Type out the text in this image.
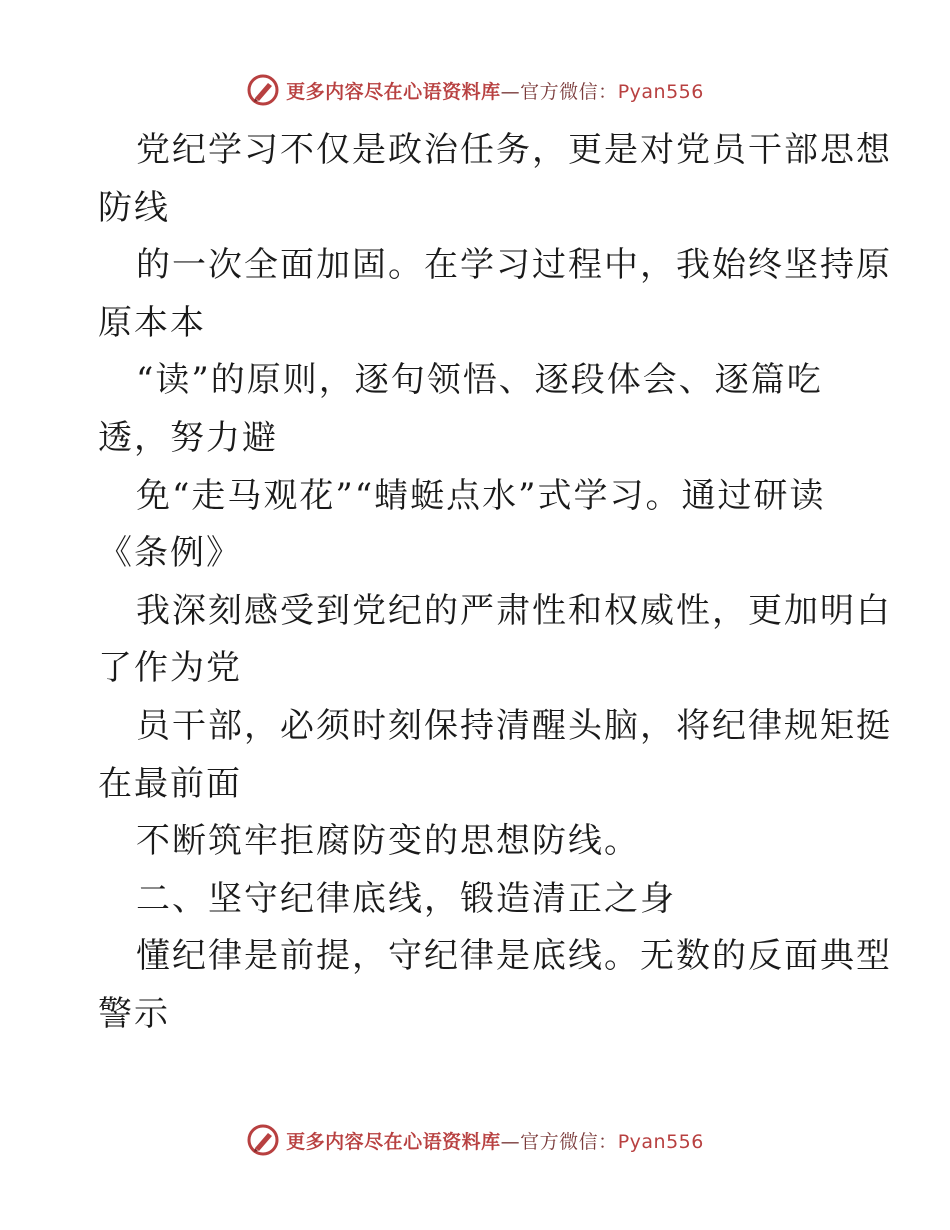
更多内容尽在心语资料库—官方微信：Pyan556
党纪学习不仅是政治任务，更是对党员干部思想
防线
的一次全面加固。在学习过程中，我始终坚持原
原本本
“读”的原则，逐句领悟、逐段体会、逐篇吃
透，努力避
免“走马观花”“蜻蜓点水”式学习。通过研读
《条例》
我深刻感受到党纪的严肃性和权威性，更加明白
了作为党
员干部，必须时刻保持清醒头脑，将纪律规矩挺
在最前面
不断筑牢拒腐防变的思想防线。
二、坚守纪律底线，锻造清正之身
懂纪律是前提，守纪律是底线。无数的反面典型
警示
更多内容尽在心语资料库—官方微信：Pyan556
